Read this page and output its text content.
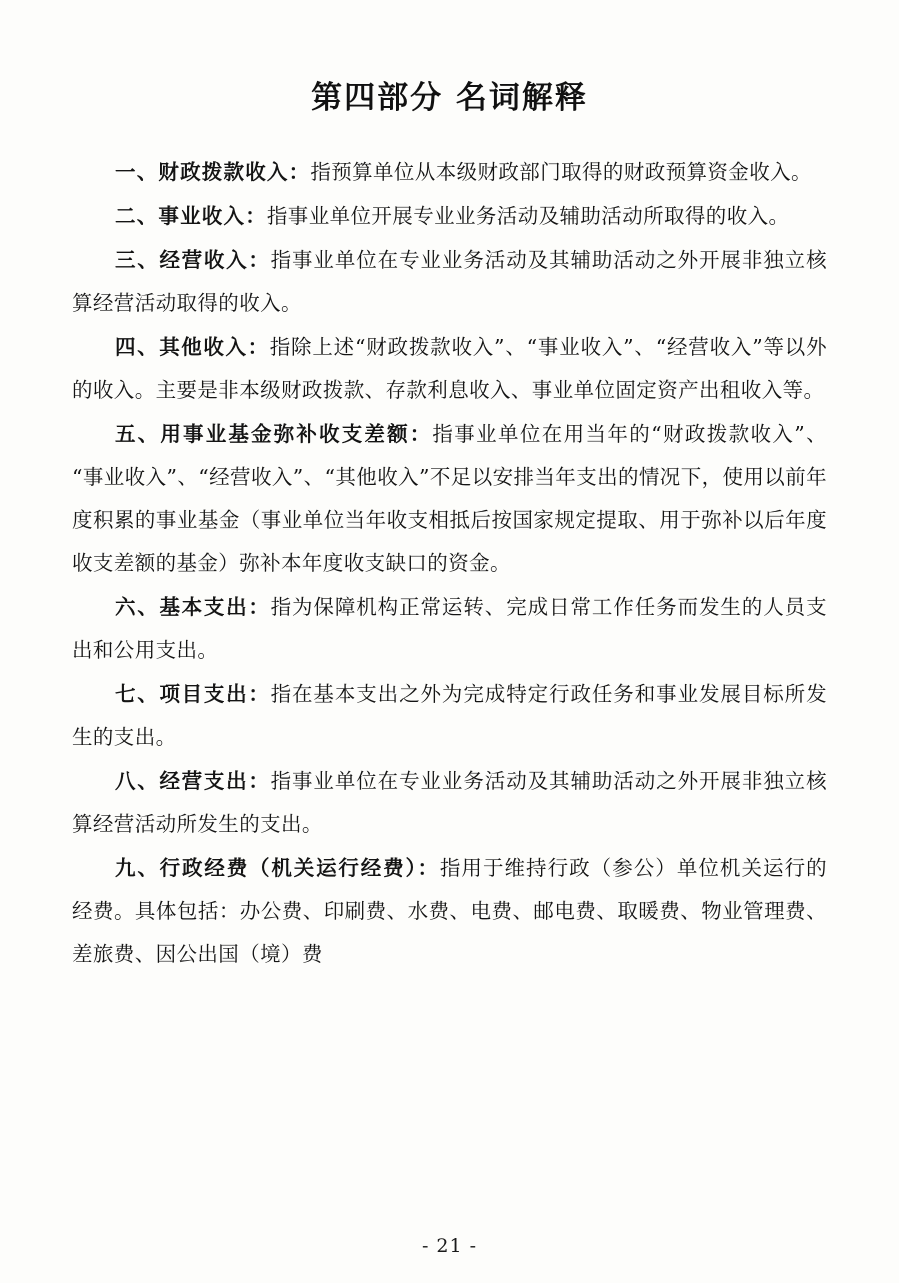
第四部分 名词解释

一、财政拨款收入：指预算单位从本级财政部门取得的财政预算资金收入。

二、事业收入：指事业单位开展专业业务活动及辅助活动所取得的收入。

三、经营收入：指事业单位在专业业务活动及其辅助活动之外开展非独立核算经营活动取得的收入。

四、其他收入：指除上述“财政拨款收入”、“事业收入”、“经营收入”等以外的收入。主要是非本级财政拨款、存款利息收入、事业单位固定资产出租收入等。

五、用事业基金弥补收支差额：指事业单位在用当年的“财政拨款收入”、“事业收入”、“经营收入”、“其他收入”不足以安排当年支出的情况下，使用以前年度积累的事业基金（事业单位当年收支相抵后按国家规定提取、用于弥补以后年度收支差额的基金）弥补本年度收支缺口的资金。

六、基本支出：指为保障机构正常运转、完成日常工作任务而发生的人员支出和公用支出。

七、项目支出：指在基本支出之外为完成特定行政任务和事业发展目标所发生的支出。

八、经营支出：指事业单位在专业业务活动及其辅助活动之外开展非独立核算经营活动所发生的支出。

九、行政经费（机关运行经费）：指用于维持行政（参公）单位机关运行的经费。具体包括：办公费、印刷费、水费、电费、邮电费、取暖费、物业管理费、差旅费、因公出国（境）费

- 21 -
